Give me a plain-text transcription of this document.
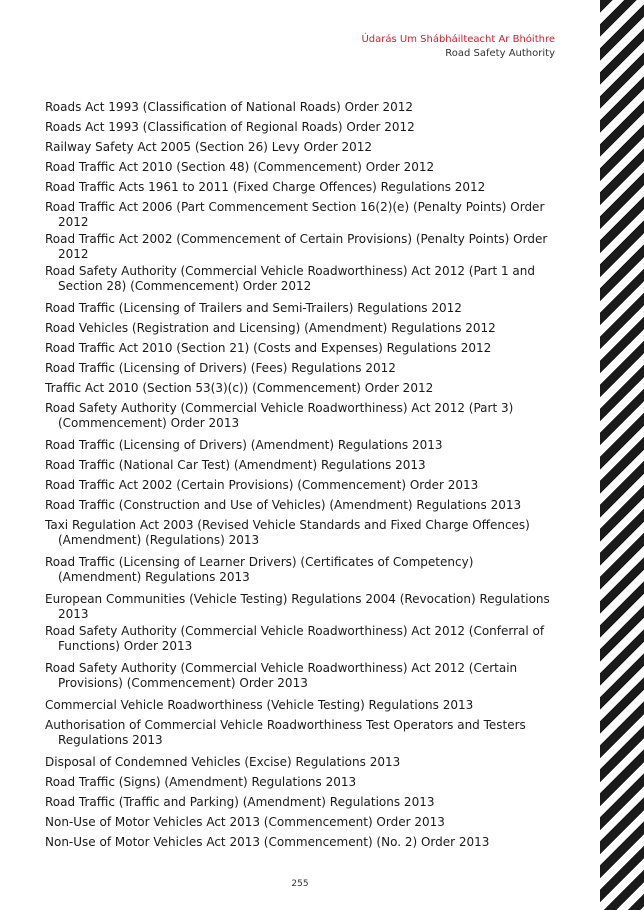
Údarás Um Shábháilteacht Ar Bhóithre
Road Safety Authority
Roads Act 1993 (Classification of National Roads) Order 2012
Roads Act 1993 (Classification of Regional Roads) Order 2012
Railway Safety Act 2005 (Section 26) Levy Order 2012
Road Traffic Act 2010 (Section 48) (Commencement) Order 2012
Road Traffic Acts 1961 to 2011 (Fixed Charge Offences) Regulations 2012
Road Traffic Act 2006 (Part Commencement Section 16(2)(e) (Penalty Points) Order 2012
Road Traffic Act 2002 (Commencement of Certain Provisions) (Penalty Points) Order 2012
Road Safety Authority (Commercial Vehicle Roadworthiness) Act 2012 (Part 1 and Section 28) (Commencement) Order 2012
Road Traffic (Licensing of Trailers and Semi-Trailers) Regulations 2012
Road Vehicles (Registration and Licensing) (Amendment) Regulations 2012
Road Traffic Act 2010 (Section 21) (Costs and Expenses) Regulations 2012
Road Traffic (Licensing of Drivers) (Fees) Regulations 2012
Traffic Act 2010 (Section 53(3)(c)) (Commencement) Order 2012
Road Safety Authority (Commercial Vehicle Roadworthiness) Act 2012 (Part 3) (Commencement) Order 2013
Road Traffic (Licensing of Drivers) (Amendment) Regulations 2013
Road Traffic (National Car Test) (Amendment) Regulations 2013
Road Traffic Act 2002 (Certain Provisions) (Commencement) Order 2013
Road Traffic (Construction and Use of Vehicles) (Amendment) Regulations 2013
Taxi Regulation Act 2003 (Revised Vehicle Standards and Fixed Charge Offences) (Amendment) (Regulations) 2013
Road Traffic (Licensing of Learner Drivers) (Certificates of Competency) (Amendment) Regulations 2013
European Communities (Vehicle Testing) Regulations 2004 (Revocation) Regulations 2013
Road Safety Authority (Commercial Vehicle Roadworthiness) Act 2012 (Conferral of Functions) Order 2013
Road Safety Authority (Commercial Vehicle Roadworthiness) Act 2012 (Certain Provisions) (Commencement) Order 2013
Commercial Vehicle Roadworthiness (Vehicle Testing) Regulations 2013
Authorisation of Commercial Vehicle Roadworthiness Test Operators and Testers Regulations 2013
Disposal of Condemned Vehicles (Excise) Regulations 2013
Road Traffic (Signs) (Amendment) Regulations 2013
Road Traffic (Traffic and Parking) (Amendment) Regulations 2013
Non-Use of Motor Vehicles Act 2013 (Commencement) Order 2013
Non-Use of Motor Vehicles Act 2013 (Commencement) (No. 2) Order 2013
255
